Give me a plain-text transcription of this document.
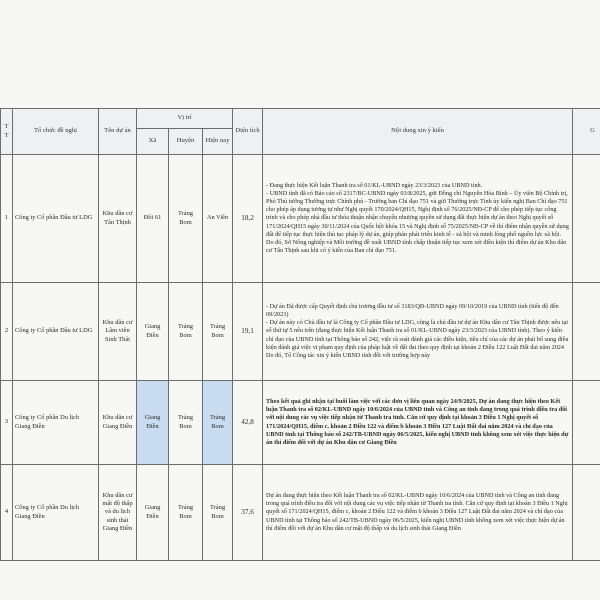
TT	Tổ chức đề nghị	Tên dự án	Vị trí			Diện tích	Nội dung xin ý kiến	G
			Xã	Huyện	Hiện nay			
1	Công ty Cổ phần Đầu tư LDG	Khu dân cư Tân Thịnh	Đồi 61	Trảng Bom	An Viễn	18,2	- Đang thực hiện Kết luận Thanh tra số 01/KL-UBND ngày 23/3/2023 của UBND tỉnh.
- UBND tỉnh đã có Báo cáo số 2317/BC-UBND ngày 03/8/2025, gửi Đồng chí Nguyễn Hòa Bình – Ủy viên Bộ Chính trị, Phó Thủ tướng Thường trực Chính phủ - Trưởng ban Chỉ đạo 751 và gửi Thường trực Tỉnh ủy kiến nghị Ban Chỉ đạo 751 cho phép áp dụng tương tự như Nghị quyết 170/2024/QH15, Nghị định số 76/2025/NĐ-CP để cho phép tiếp tục công trình và cho phép nhà đầu tư thỏa thuận nhận chuyển nhượng quyền sử dụng đất thực hiện dự án theo Nghị quyết số 171/2024/QH15 ngày 30/11/2024 của Quốc hội khóa 15 và Nghị định số 75/2025/NĐ-CP về thí điểm nhận quyền sử dụng đất để tiếp tục thực hiện thủ tục pháp lý dự án, giúp phản phát triển kinh tế - xã hội và minh lòng phố nguồn lực xã hội.
Do đó, Sở Nông nghiệp và Môi trường đề xuất UBND tỉnh chấp thuận tiếp tục xem xét điều kiện thí điểm dự án Khu dân cư Tân Thịnh sau khi có ý kiến của Ban chỉ đạo 751.	
2	Công ty Cổ phần Đầu tư LDG	Khu dân cư Lâm viên Sinh Thái	Giang Điền	Trảng Bom	Trảng Bom	19,1	- Dự án Đã được cấp Quyết định chủ trương đầu tư số 3183/QĐ-UBND ngày 09/10/2019 của UBND tỉnh (tiến độ đến 09/2023)
- Dự án này có Chủ đầu tư là Công ty Cổ phần Đầu tư LDG, cũng là chủ đầu tư dự án Khu dân cư Tân Thịnh được nêu tại số thứ tự 5 nêu trên (đang thực hiện Kết luận Thanh tra số 01/KL-UBND ngày 23/3/2023 của UBND tỉnh). Theo ý kiến chỉ đạo của UBND tỉnh tại Thông báo số 242, việc rà soát đánh giá các điều kiện, tiêu chí của các dự án phải bổ sung điều kiện đánh giá việc vi phạm quy định của pháp luật về đất đai theo quy định tại khoản 2 Điều 122 Luật Đất đai năm 2024
Do đó, Tổ Công tác xin ý kiến UBND tỉnh đối với trường hợp này	
3	Công ty Cổ phần Du lịch Giang Điền	Khu dân cư Giang Điền	Giang Điền	Trảng Bom	Trảng Bom	42,8	Theo kết quả ghi nhận tại buổi làm việc với các đơn vị liên quan ngày 24/9/2025, Dự án đang thực hiện theo Kết luận Thanh tra số 02/KL-UBND ngày 10/6/2024 của UBND tỉnh và Công an tỉnh đang trong quá trình điều tra đối với nội dung các vụ việc tiếp nhận từ Thanh tra tỉnh. Căn cứ quy định tại khoản 3 Điều 1 Nghị quyết số 171/2024/QH15, điểm c, khoản 2 Điều 122 và điểm b khoản 3 Điều 127 Luật Đất đai năm 2024 và chỉ đạo của UBND tỉnh tại Thông báo số 242/TB-UBND ngày 06/5/2025, kiến nghị UBND tỉnh không xem xét việc thực hiện dự án thí điểm đối với dự án Khu dân cư Giang Điền	
4	Công ty Cổ phần Du lịch Giang Điền	Khu dân cư mật độ thấp và du lịch sinh thái Giang Điền	Giang Điền	Trảng Bom	Trảng Bom	37,6	Dự án đang thực hiện theo Kết luận Thanh tra số 02/KL-UBND ngày 10/6/2024 của UBND tỉnh và Công an tỉnh đang trong quá trình điều tra đối với nội dung các vụ việc tiếp nhận từ Thanh tra tỉnh. Căn cứ quy định tại khoản 3 Điều 1 Nghị quyết số 171/2024/QH15, điểm c, khoản 2 Điều 122 và điểm b khoản 3 Điều 127 Luật Đất đai năm 2024 và chỉ đạo của UBND tỉnh tại Thông báo số 242/TB-UBND ngày 06/5/2025, kiến nghị UBND tỉnh không xem xét việc thực hiện dự án thí điểm đối với dự án Khu dân cư mật độ thấp và du lịch sinh thái Giang Điền	
